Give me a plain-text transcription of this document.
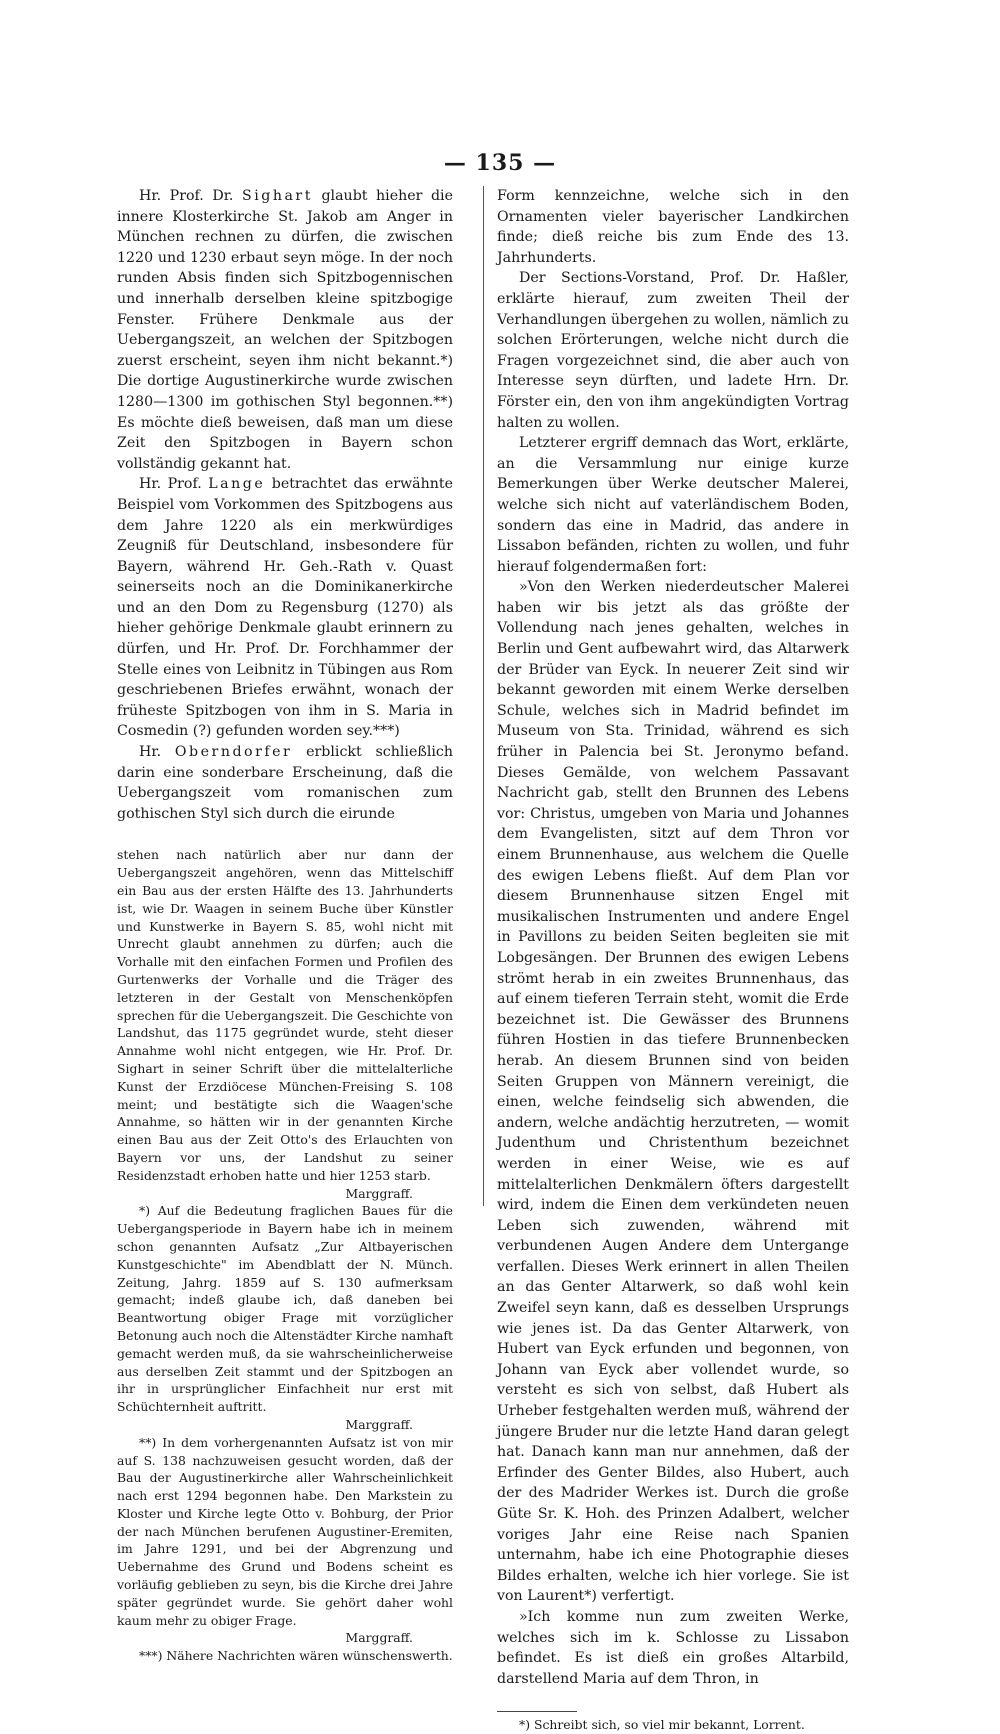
— 135 —

Hr. Prof. Dr. Sighart glaubt hieher die innere Klosterkirche St. Jakob am Anger in München rechnen zu dürfen, die zwischen 1220 und 1230 erbaut seyn möge. In der noch runden Absis finden sich Spitzbogennischen und innerhalb derselben kleine spitzbogige Fenster. Frühere Denkmale aus der Uebergangszeit, an welchen der Spitzbogen zuerst erscheint, seyen ihm nicht bekannt.*) Die dortige Augustinerkirche wurde zwischen 1280—1300 im gothischen Styl begonnen.**) Es möchte dieß beweisen, daß man um diese Zeit den Spitzbogen in Bayern schon vollständig gekannt hat.

Hr. Prof. Lange betrachtet das erwähnte Beispiel vom Vorkommen des Spitzbogens aus dem Jahre 1220 als ein merkwürdiges Zeugniß für Deutschland, insbesondere für Bayern, während Hr. Geh.-Rath v. Quast seinerseits noch an die Dominikanerkirche und an den Dom zu Regensburg (1270) als hieher gehörige Denkmale glaubt erinnern zu dürfen, und Hr. Prof. Dr. Forchhammer der Stelle eines von Leibnitz in Tübingen aus Rom geschriebenen Briefes erwähnt, wonach der früheste Spitzbogen von ihm in S. Maria in Cosmedin (?) gefunden worden sey.***)

Hr. Oberndorfer erblickt schließlich darin eine sonderbare Erscheinung, daß die Uebergangszeit vom romanischen zum gothischen Styl sich durch die eirunde

stehen nach natürlich aber nur dann der Uebergangszeit angehören, wenn das Mittelschiff ein Bau aus der ersten Hälfte des 13. Jahrhunderts ist, wie Dr. Waagen in seinem Buche über Künstler und Kunstwerke in Bayern S. 85, wohl nicht mit Unrecht glaubt annehmen zu dürfen; auch die Vorhalle mit den einfachen Formen und Profilen des Gurtenwerks der Vorhalle und die Träger des letzteren in der Gestalt von Menschenköpfen sprechen für die Uebergangszeit. Die Geschichte von Landshut, das 1175 gegründet wurde, steht dieser Annahme wohl nicht entgegen, wie Hr. Prof. Dr. Sighart in seiner Schrift über die mittelalterliche Kunst der Erzdiöcese München-Freising S. 108 meint; und bestätigte sich die Waagen'sche Annahme, so hätten wir in der genannten Kirche einen Bau aus der Zeit Otto's des Erlauchten von Bayern vor uns, der Landshut zu seiner Residenzstadt erhoben hatte und hier 1253 starb.
Marggraff.

*) Auf die Bedeutung fraglichen Baues für die Uebergangsperiode in Bayern habe ich in meinem schon genannten Aufsatz „Zur Altbayerischen Kunstgeschichte" im Abendblatt der N. Münch. Zeitung, Jahrg. 1859 auf S. 130 aufmerksam gemacht; indeß glaube ich, daß daneben bei Beantwortung obiger Frage mit vorzüglicher Betonung auch noch die Altenstädter Kirche namhaft gemacht werden muß, da sie wahrscheinlicherweise aus derselben Zeit stammt und der Spitzbogen an ihr in ursprünglicher Einfachheit nur erst mit Schüchternheit auftritt.
Marggraff.

**) In dem vorhergenannten Aufsatz ist von mir auf S. 138 nachzuweisen gesucht worden, daß der Bau der Augustinerkirche aller Wahrscheinlichkeit nach erst 1294 begonnen habe. Den Markstein zu Kloster und Kirche legte Otto v. Bohburg, der Prior der nach München berufenen Augustiner-Eremiten, im Jahre 1291, und bei der Abgrenzung und Uebernahme des Grund und Bodens scheint es vorläufig geblieben zu seyn, bis die Kirche drei Jahre später gegründet wurde. Sie gehört daher wohl kaum mehr zu obiger Frage.
Marggraff.

***) Nähere Nachrichten wären wünschenswerth.

Form kennzeichne, welche sich in den Ornamenten vieler bayerischer Landkirchen finde; dieß reiche bis zum Ende des 13. Jahrhunderts.

Der Sections-Vorstand, Prof. Dr. Haßler, erklärte hierauf, zum zweiten Theil der Verhandlungen übergehen zu wollen, nämlich zu solchen Erörterungen, welche nicht durch die Fragen vorgezeichnet sind, die aber auch von Interesse seyn dürften, und ladete Hrn. Dr. Förster ein, den von ihm angekündigten Vortrag halten zu wollen.

Letzterer ergriff demnach das Wort, erklärte, an die Versammlung nur einige kurze Bemerkungen über Werke deutscher Malerei, welche sich nicht auf vaterländischem Boden, sondern das eine in Madrid, das andere in Lissabon befänden, richten zu wollen, und fuhr hierauf folgendermaßen fort:

»Von den Werken niederdeutscher Malerei haben wir bis jetzt als das größte der Vollendung nach jenes gehalten, welches in Berlin und Gent aufbewahrt wird, das Altarwerk der Brüder van Eyck. In neuerer Zeit sind wir bekannt geworden mit einem Werke derselben Schule, welches sich in Madrid befindet im Museum von Sta. Trinidad, während es sich früher in Palencia bei St. Jeronymo befand. Dieses Gemälde, von welchem Passavant Nachricht gab, stellt den Brunnen des Lebens vor: Christus, umgeben von Maria und Johannes dem Evangelisten, sitzt auf dem Thron vor einem Brunnenhause, aus welchem die Quelle des ewigen Lebens fließt. Auf dem Plan vor diesem Brunnenhause sitzen Engel mit musikalischen Instrumenten und andere Engel in Pavillons zu beiden Seiten begleiten sie mit Lobgesängen. Der Brunnen des ewigen Lebens strömt herab in ein zweites Brunnenhaus, das auf einem tieferen Terrain steht, womit die Erde bezeichnet ist. Die Gewässer des Brunnens führen Hostien in das tiefere Brunnenbecken herab. An diesem Brunnen sind von beiden Seiten Gruppen von Männern vereinigt, die einen, welche feindselig sich abwenden, die andern, welche andächtig herzutreten, — womit Judenthum und Christenthum bezeichnet werden in einer Weise, wie es auf mittelalterlichen Denkmälern öfters dargestellt wird, indem die Einen dem verkündeten neuen Leben sich zuwenden, während mit verbundenen Augen Andere dem Untergange verfallen. Dieses Werk erinnert in allen Theilen an das Genter Altarwerk, so daß wohl kein Zweifel seyn kann, daß es desselben Ursprungs wie jenes ist. Da das Genter Altarwerk, von Hubert van Eyck erfunden und begonnen, von Johann van Eyck aber vollendet wurde, so versteht es sich von selbst, daß Hubert als Urheber festgehalten werden muß, während der jüngere Bruder nur die letzte Hand daran gelegt hat. Danach kann man nur annehmen, daß der Erfinder des Genter Bildes, also Hubert, auch der des Madrider Werkes ist. Durch die große Güte Sr. K. Hoh. des Prinzen Adalbert, welcher voriges Jahr eine Reise nach Spanien unternahm, habe ich eine Photographie dieses Bildes erhalten, welche ich hier vorlege. Sie ist von Laurent*) verfertigt.

»Ich komme nun zum zweiten Werke, welches sich im k. Schlosse zu Lissabon befindet. Es ist dieß ein großes Altarbild, darstellend Maria auf dem Thron, in

*) Schreibt sich, so viel mir bekannt, Lorrent.
